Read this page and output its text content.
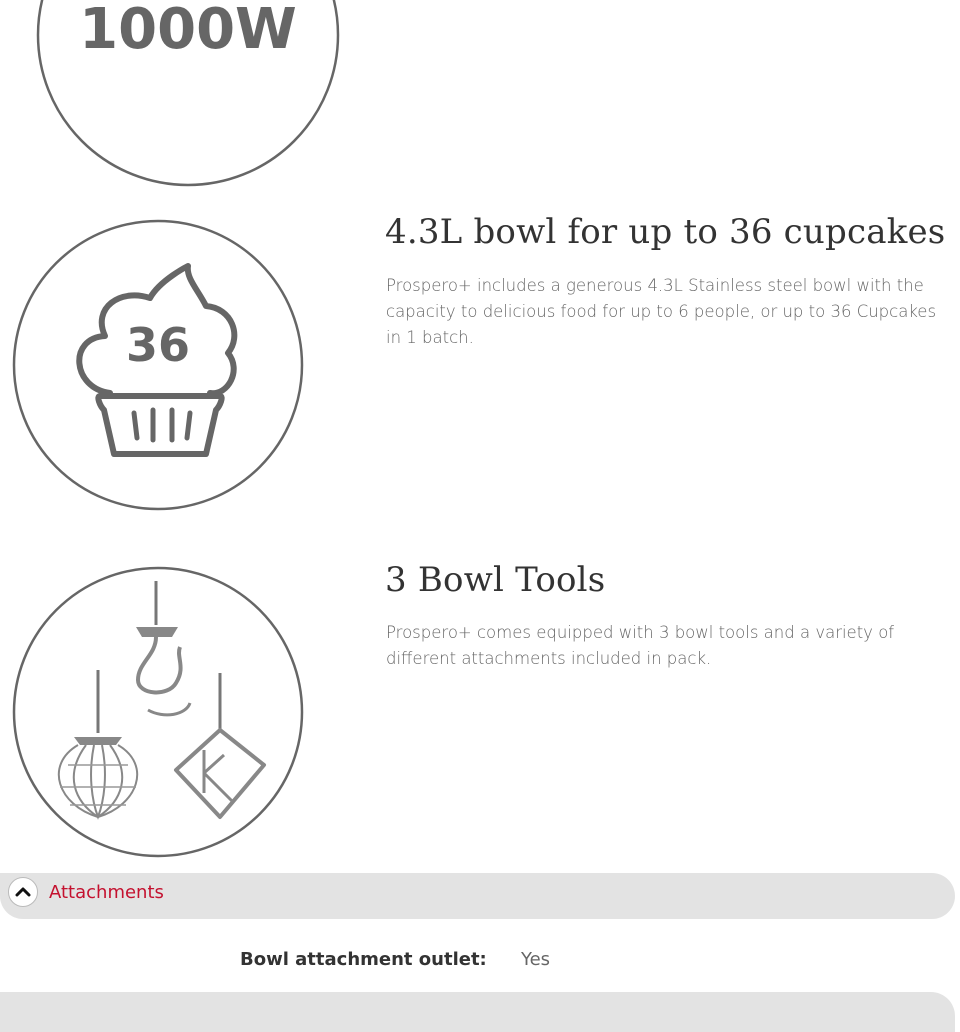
1000W
36
4.3L bowl for up to 36 cupcakes

Prospero+ includes a generous 4.3L Stainless steel bowl with the capacity to delicious food for up to 6 people, or up to 36 Cupcakes in 1 batch.

3 Bowl Tools

Prospero+ comes equipped with 3 bowl tools and a variety of different attachments included in pack.

Attachments
Bowl attachment outlet: Yes
